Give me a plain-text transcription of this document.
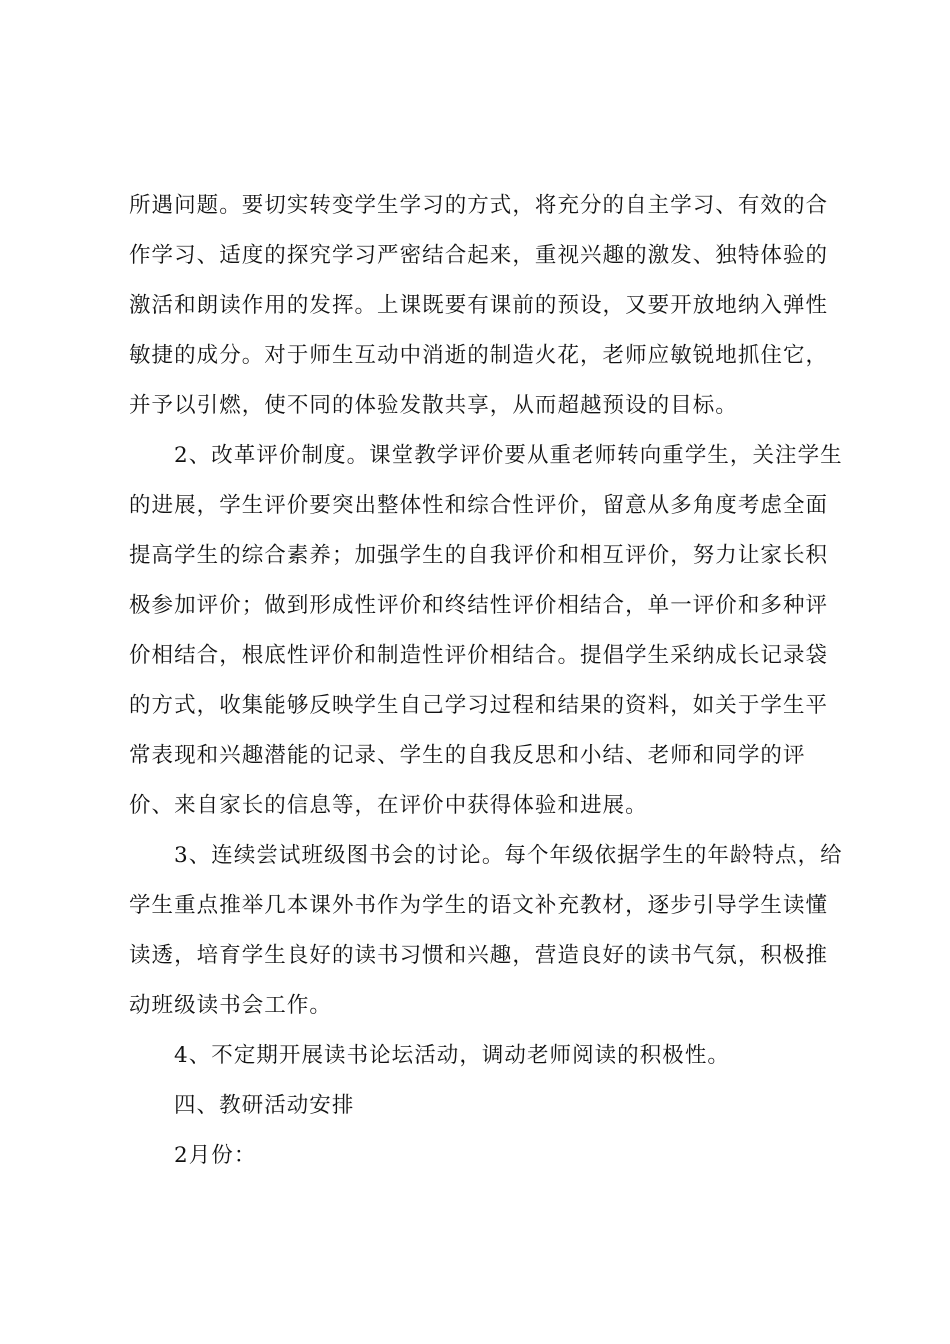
所遇问题。要切实转变学生学习的方式，将充分的自主学习、有效的合
作学习、适度的探究学习严密结合起来，重视兴趣的激发、独特体验的
激活和朗读作用的发挥。上课既要有课前的预设，又要开放地纳入弹性
敏捷的成分。对于师生互动中消逝的制造火花，老师应敏锐地抓住它，
并予以引燃，使不同的体验发散共享，从而超越预设的目标。
2、改革评价制度。课堂教学评价要从重老师转向重学生，关注学生
的进展，学生评价要突出整体性和综合性评价，留意从多角度考虑全面
提高学生的综合素养；加强学生的自我评价和相互评价，努力让家长积
极参加评价；做到形成性评价和终结性评价相结合，单一评价和多种评
价相结合，根底性评价和制造性评价相结合。提倡学生采纳成长记录袋
的方式，收集能够反映学生自己学习过程和结果的资料，如关于学生平
常表现和兴趣潜能的记录、学生的自我反思和小结、老师和同学的评
价、来自家长的信息等，在评价中获得体验和进展。
3、连续尝试班级图书会的讨论。每个年级依据学生的年龄特点，给
学生重点推举几本课外书作为学生的语文补充教材，逐步引导学生读懂
读透，培育学生良好的读书习惯和兴趣，营造良好的读书气氛，积极推
动班级读书会工作。
4、不定期开展读书论坛活动，调动老师阅读的积极性。
四、教研活动安排
2月份：
